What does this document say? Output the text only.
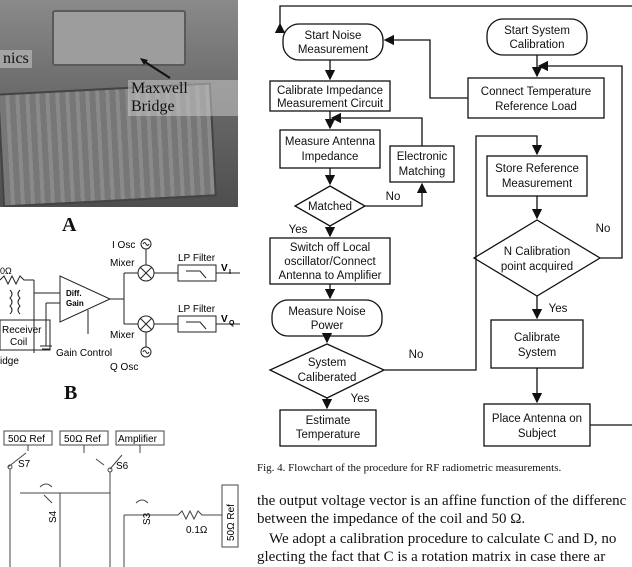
nics
Maxwell Bridge
A
0Ω
Diff.
Gain
I Osc
Mixer
Mixer
Q Osc
LP Filter
LP Filter
V I
V Q
Gain Control
Receiver
Coil
idge
B
50Ω Ref 50Ω Ref Amplifier
S7	S6
0.1Ω
S4	S3	50Ω Ref
Start Noise
Measurement
Calibrate Impedance
Measurement Circuit
Measure Antenna
Impedance	Electronic
Matching
Matched
No
Yes
Switch off Local
oscillator/Connect
Antenna to Amplifier
Measure Noise
Power
System
Caliberated
No
Yes
Estimate
Temperature
Start System
Calibration
Connect Temperature
Reference Load
Store Reference
Measurement
N Calibration
point acquired
No
Yes
Calibrate
System
Place Antenna on
Subject
Fig. 4. Flowchart of the procedure for RF radiometric measurements.
the output voltage vector is an affine function of the differenc
between the impedance of the coil and 50 Ω.
We adopt a calibration procedure to calculate C and D, no
glecting the fact that C is a rotation matrix in case there ar
